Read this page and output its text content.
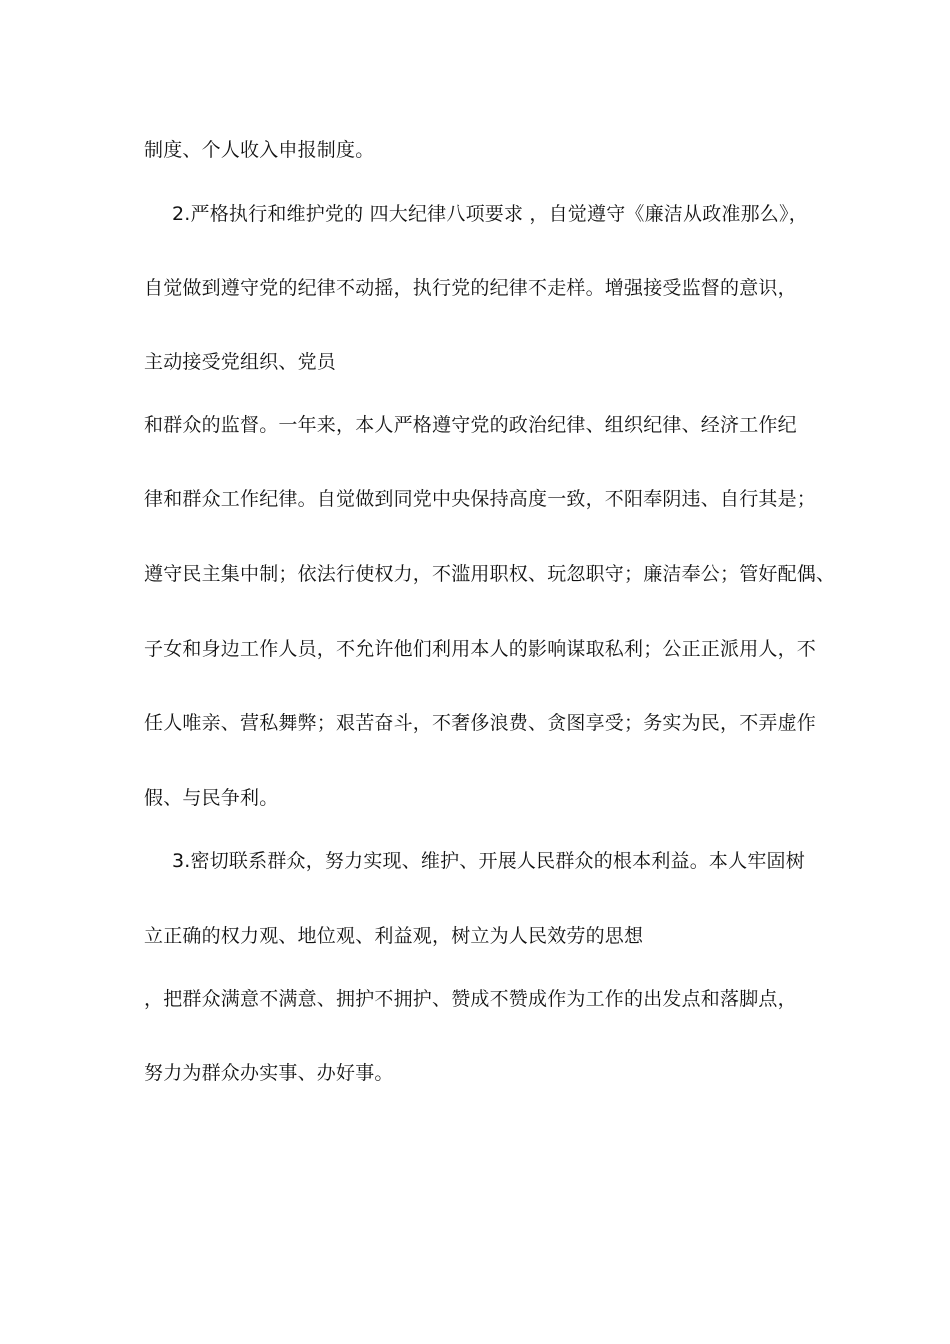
制度、个人收入申报制度。
2.严格执行和维护党的 四大纪律八项要求 ，自觉遵守《廉洁从政准那么》，
自觉做到遵守党的纪律不动摇，执行党的纪律不走样。增强接受监督的意识，
主动接受党组织、党员
和群众的监督。一年来，本人严格遵守党的政治纪律、组织纪律、经济工作纪
律和群众工作纪律。自觉做到同党中央保持高度一致，不阳奉阴违、自行其是；
遵守民主集中制；依法行使权力，不滥用职权、玩忽职守；廉洁奉公；管好配偶、
子女和身边工作人员，不允许他们利用本人的影响谋取私利；公正正派用人，不
任人唯亲、营私舞弊；艰苦奋斗，不奢侈浪费、贪图享受；务实为民，不弄虚作
假、与民争利。
3.密切联系群众，努力实现、维护、开展人民群众的根本利益。本人牢固树
立正确的权力观、地位观、利益观，树立为人民效劳的思想
，把群众满意不满意、拥护不拥护、赞成不赞成作为工作的出发点和落脚点，
努力为群众办实事、办好事。
